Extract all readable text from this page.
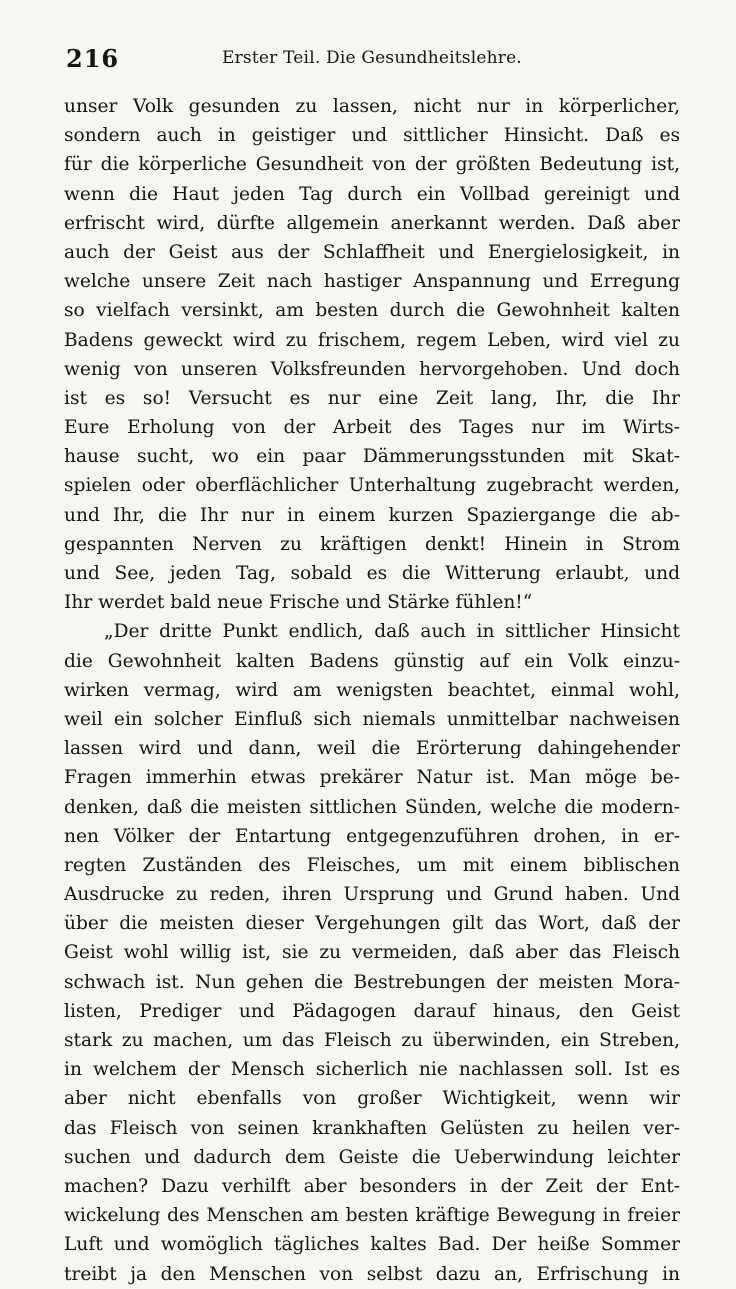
216	Erster Teil. Die Gesundheitslehre.
unser Volk gesunden zu lassen, nicht nur in körperlicher,
sondern auch in geistiger und sittlicher Hinsicht. Daß es
für die körperliche Gesundheit von der größten Bedeutung ist,
wenn die Haut jeden Tag durch ein Vollbad gereinigt und
erfrischt wird, dürfte allgemein anerkannt werden. Daß aber
auch der Geist aus der Schlaffheit und Energielosigkeit, in
welche unsere Zeit nach hastiger Anspannung und Erregung
so vielfach versinkt, am besten durch die Gewohnheit kalten
Badens geweckt wird zu frischem, regem Leben, wird viel zu
wenig von unseren Volksfreunden hervorgehoben. Und doch
ist es so! Versucht es nur eine Zeit lang, Ihr, die Ihr
Eure Erholung von der Arbeit des Tages nur im Wirts-
hause sucht, wo ein paar Dämmerungsstunden mit Skat-
spielen oder oberflächlicher Unterhaltung zugebracht werden,
und Ihr, die Ihr nur in einem kurzen Spaziergange die ab-
gespannten Nerven zu kräftigen denkt! Hinein in Strom
und See, jeden Tag, sobald es die Witterung erlaubt, und
Ihr werdet bald neue Frische und Stärke fühlen!“
„Der dritte Punkt endlich, daß auch in sittlicher Hinsicht
die Gewohnheit kalten Badens günstig auf ein Volk einzu-
wirken vermag, wird am wenigsten beachtet, einmal wohl,
weil ein solcher Einfluß sich niemals unmittelbar nachweisen
lassen wird und dann, weil die Erörterung dahingehender
Fragen immerhin etwas prekärer Natur ist. Man möge be-
denken, daß die meisten sittlichen Sünden, welche die modern-
nen Völker der Entartung entgegenzuführen drohen, in er-
regten Zuständen des Fleisches, um mit einem biblischen
Ausdrucke zu reden, ihren Ursprung und Grund haben. Und
über die meisten dieser Vergehungen gilt das Wort, daß der
Geist wohl willig ist, sie zu vermeiden, daß aber das Fleisch
schwach ist. Nun gehen die Bestrebungen der meisten Mora-
listen, Prediger und Pädagogen darauf hinaus, den Geist
stark zu machen, um das Fleisch zu überwinden, ein Streben,
in welchem der Mensch sicherlich nie nachlassen soll. Ist es
aber nicht ebenfalls von großer Wichtigkeit, wenn wir
das Fleisch von seinen krankhaften Gelüsten zu heilen ver-
suchen und dadurch dem Geiste die Ueberwindung leichter
machen? Dazu verhilft aber besonders in der Zeit der Ent-
wickelung des Menschen am besten kräftige Bewegung in freier
Luft und womöglich tägliches kaltes Bad. Der heiße Sommer
treibt ja den Menschen von selbst dazu an, Erfrischung in
